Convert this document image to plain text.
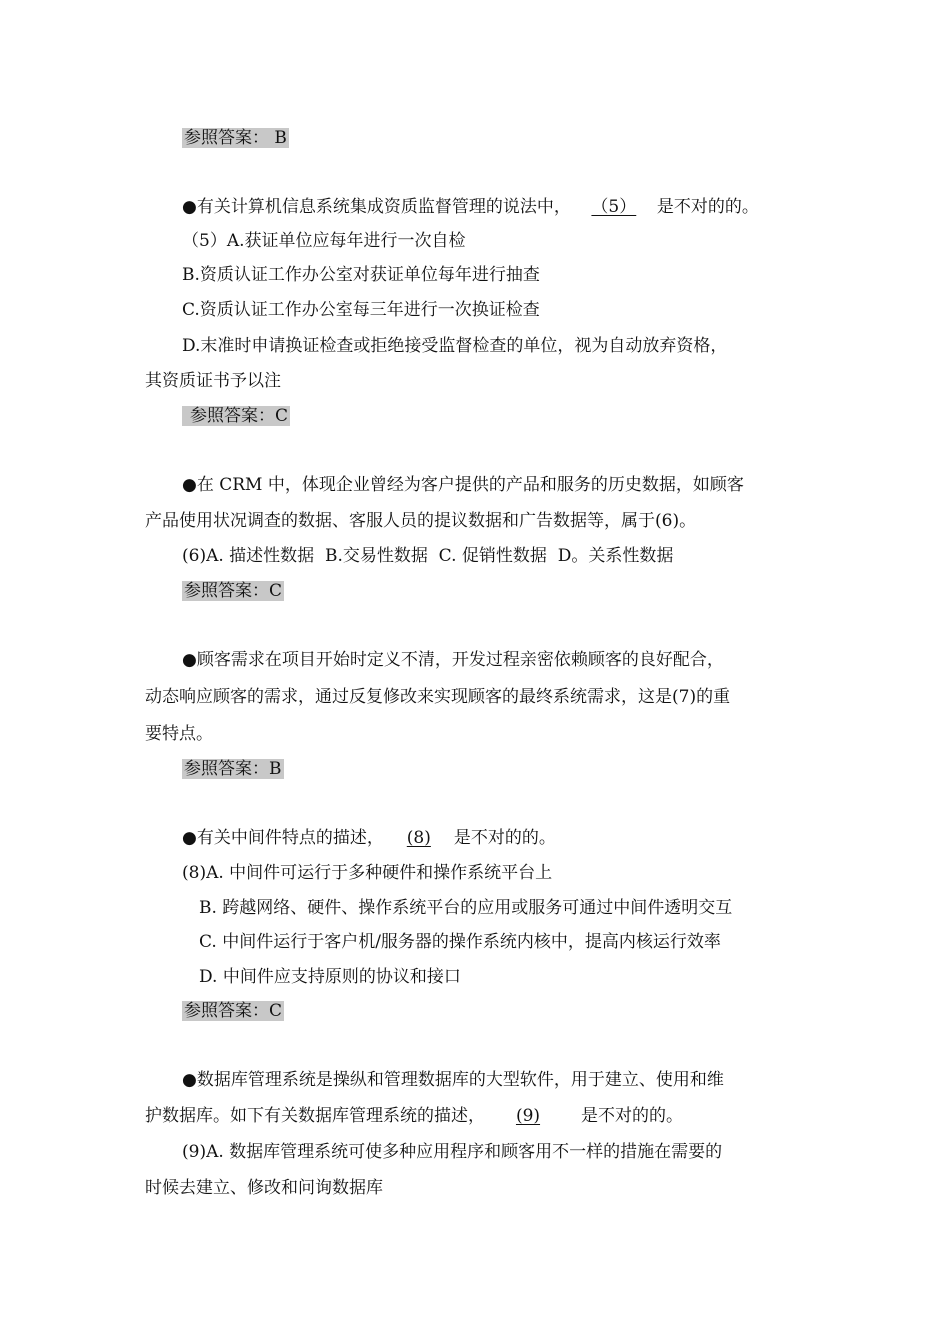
参照答案： B
●有关计算机信息系统集成资质监督管理的说法中， （5） 是不对的的。
（5）A.获证单位应每年进行一次自检
B.资质认证工作办公室对获证单位每年进行抽查
C.资质认证工作办公室每三年进行一次换证检查
D.末准时申请换证检查或拒绝接受监督检查的单位，视为自动放弃资格，
其资质证书予以注
参照答案：C
●在 CRM 中，体现企业曾经为客户提供的产品和服务的历史数据，如顾客
产品使用状况调查的数据、客服人员的提议数据和广告数据等，属于(6)。
(6)A. 描述性数据  B.交易性数据  C. 促销性数据  D。关系性数据
参照答案：C
●顾客需求在项目开始时定义不清，开发过程亲密依赖顾客的良好配合，
动态响应顾客的需求，通过反复修改来实现顾客的最终系统需求，这是(7)的重
要特点。
参照答案：B
●有关中间件特点的描述， (8) 是不对的的。
(8)A. 中间件可运行于多种硬件和操作系统平台上
B. 跨越网络、硬件、操作系统平台的应用或服务可通过中间件透明交互
C. 中间件运行于客户机/服务器的操作系统内核中，提高内核运行效率
D. 中间件应支持原则的协议和接口
参照答案：C
●数据库管理系统是操纵和管理数据库的大型软件，用于建立、使用和维
护数据库。如下有关数据库管理系统的描述， (9) 是不对的的。
(9)A. 数据库管理系统可使多种应用程序和顾客用不一样的措施在需要的
时候去建立、修改和问询数据库
